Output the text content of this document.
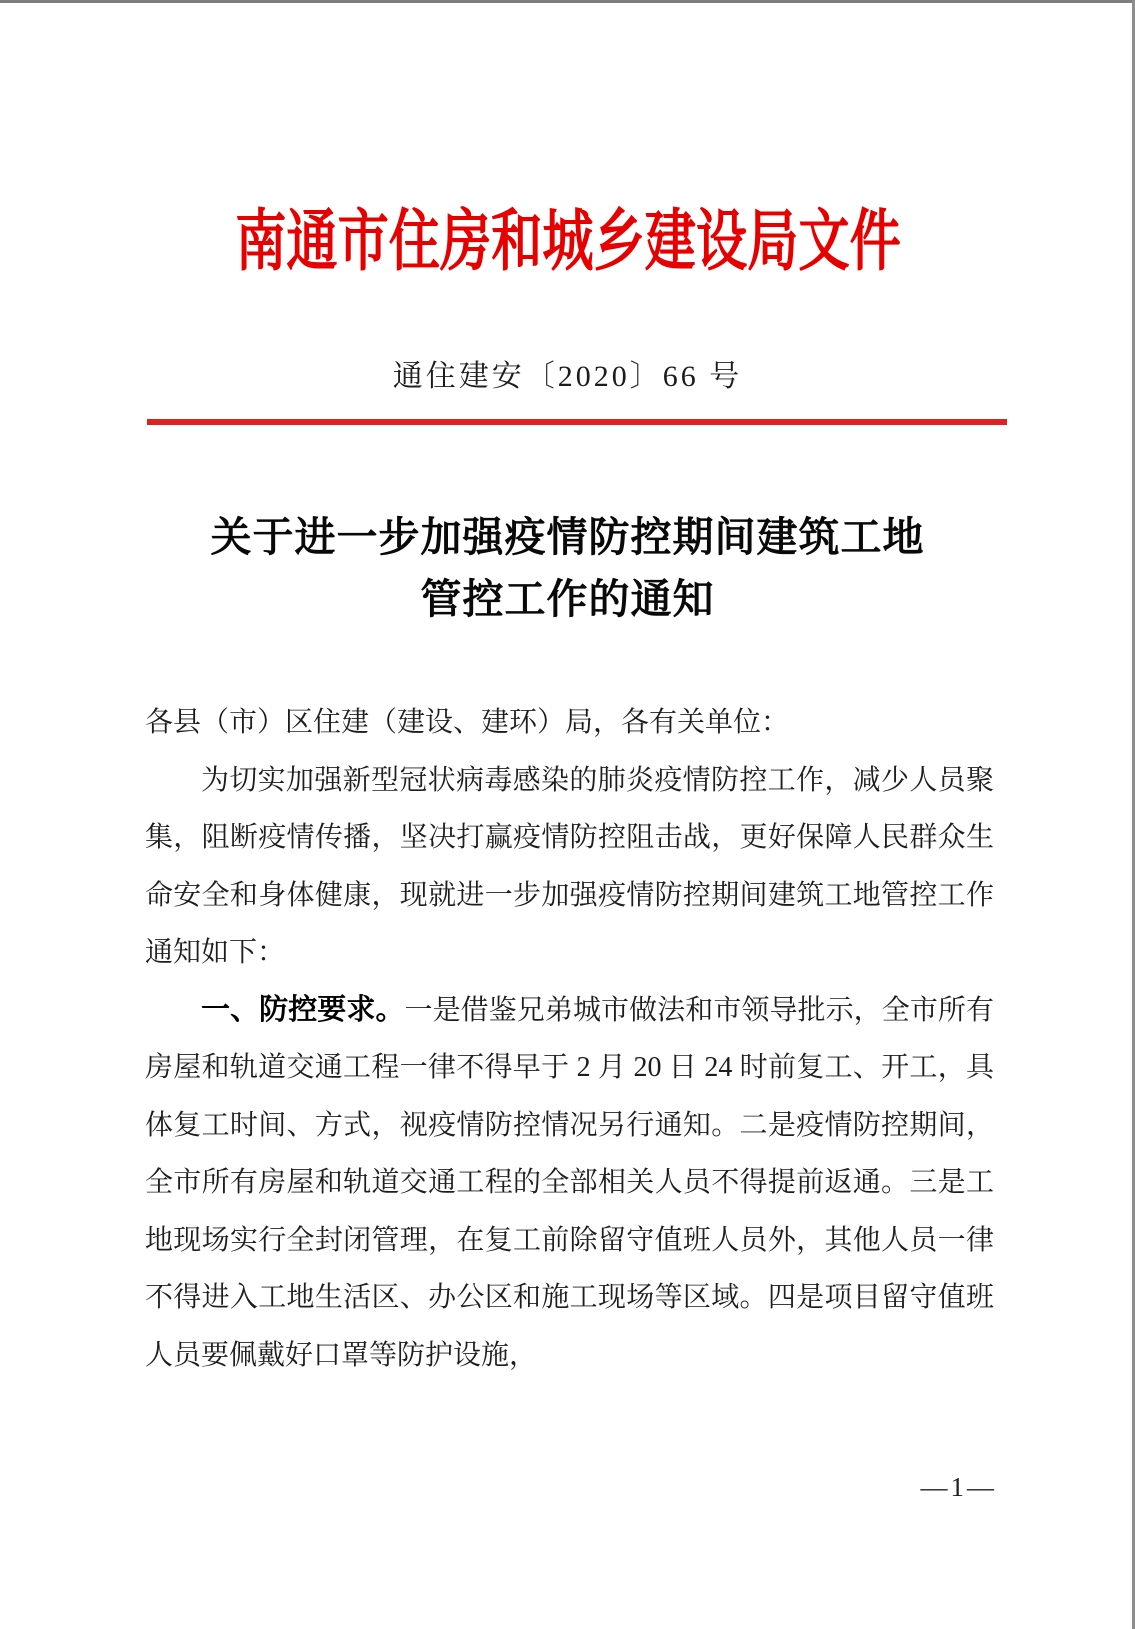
南通市住房和城乡建设局文件
通住建安〔2020〕66 号
关于进一步加强疫情防控期间建筑工地
管控工作的通知

各县（市）区住建（建设、建环）局，各有关单位：

为切实加强新型冠状病毒感染的肺炎疫情防控工作，减少人员聚集，阻断疫情传播，坚决打赢疫情防控阻击战，更好保障人民群众生命安全和身体健康，现就进一步加强疫情防控期间建筑工地管控工作通知如下：

一、防控要求。一是借鉴兄弟城市做法和市领导批示，全市所有房屋和轨道交通工程一律不得早于 2 月 20 日 24 时前复工、开工，具体复工时间、方式，视疫情防控情况另行通知。二是疫情防控期间，全市所有房屋和轨道交通工程的全部相关人员不得提前返通。三是工地现场实行全封闭管理，在复工前除留守值班人员外，其他人员一律不得进入工地生活区、办公区和施工现场等区域。四是项目留守值班人员要佩戴好口罩等防护设施，

—1—
